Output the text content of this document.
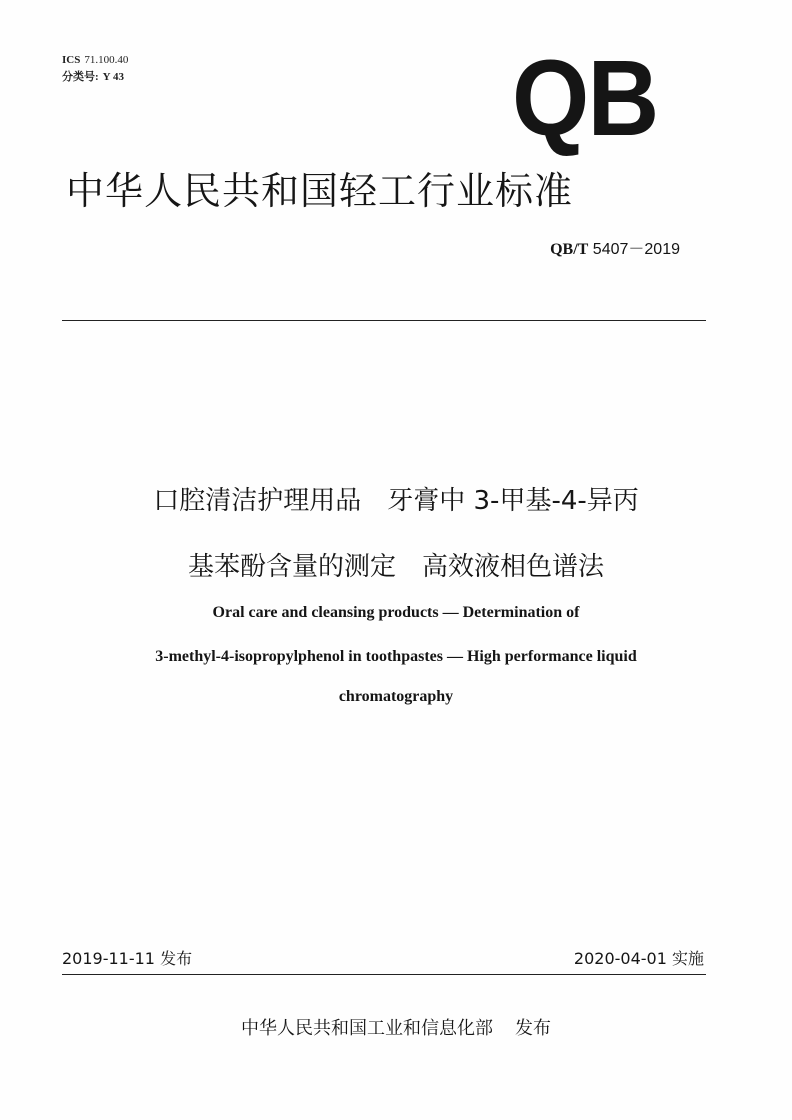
ICS 71.100.40
分类号: Y 43	QB
中华人民共和国轻工行业标准
QB/T 5407－2019
口腔清洁护理用品　牙膏中 3-甲基-4-异丙
基苯酚含量的测定　高效液相色谱法
Oral care and cleansing products — Determination of
3-methyl-4-isopropylphenol in toothpastes — High performance liquid
chromatography
2019-11-11 发布	2020-04-01 实施
中华人民共和国工业和信息化部 发布
